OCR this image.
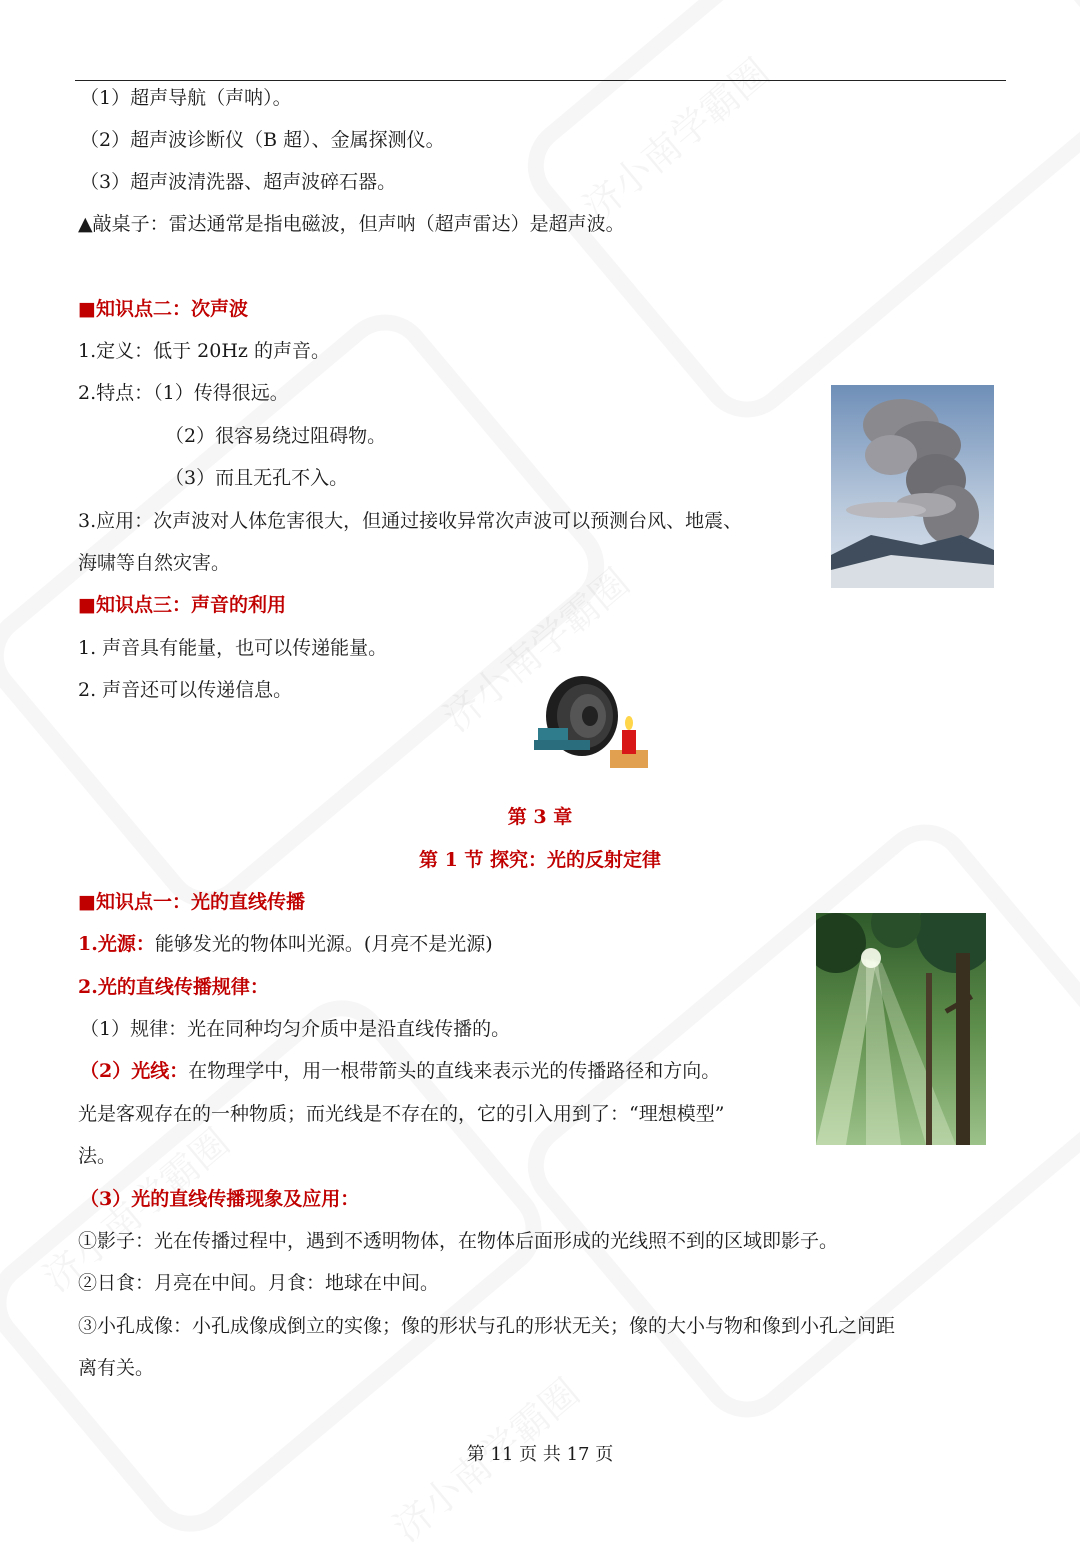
（1）超声导航（声呐）。
（2）超声波诊断仪（B 超）、金属探测仪。
（3）超声波清洗器、超声波碎石器。
▲敲桌子：雷达通常是指电磁波，但声呐（超声雷达）是超声波。
■知识点二：次声波
1.定义：低于 20Hz 的声音。
2.特点：（1）传得很远。
（2）很容易绕过阻碍物。
（3）而且无孔不入。
3.应用：次声波对人体危害很大，但通过接收异常次声波可以预测台风、地震、
海啸等自然灾害。
■知识点三：声音的利用
1. 声音具有能量，也可以传递能量。
2. 声音还可以传递信息。
第 3 章
第 1 节 探究：光的反射定律
■知识点一：光的直线传播
1.光源：能够发光的物体叫光源。(月亮不是光源)
2.光的直线传播规律：
（1）规律：光在同种均匀介质中是沿直线传播的。
（2）光线：在物理学中，用一根带箭头的直线来表示光的传播路径和方向。
光是客观存在的一种物质；而光线是不存在的，它的引入用到了：“理想模型”
法。
（3）光的直线传播现象及应用：
①影子：光在传播过程中，遇到不透明物体，在物体后面形成的光线照不到的区域即影子。
②日食：月亮在中间。月食：地球在中间。
③小孔成像：小孔成像成倒立的实像；像的形状与孔的形状无关；像的大小与物和像到小孔之间距
离有关。
第 11 页 共 17 页
